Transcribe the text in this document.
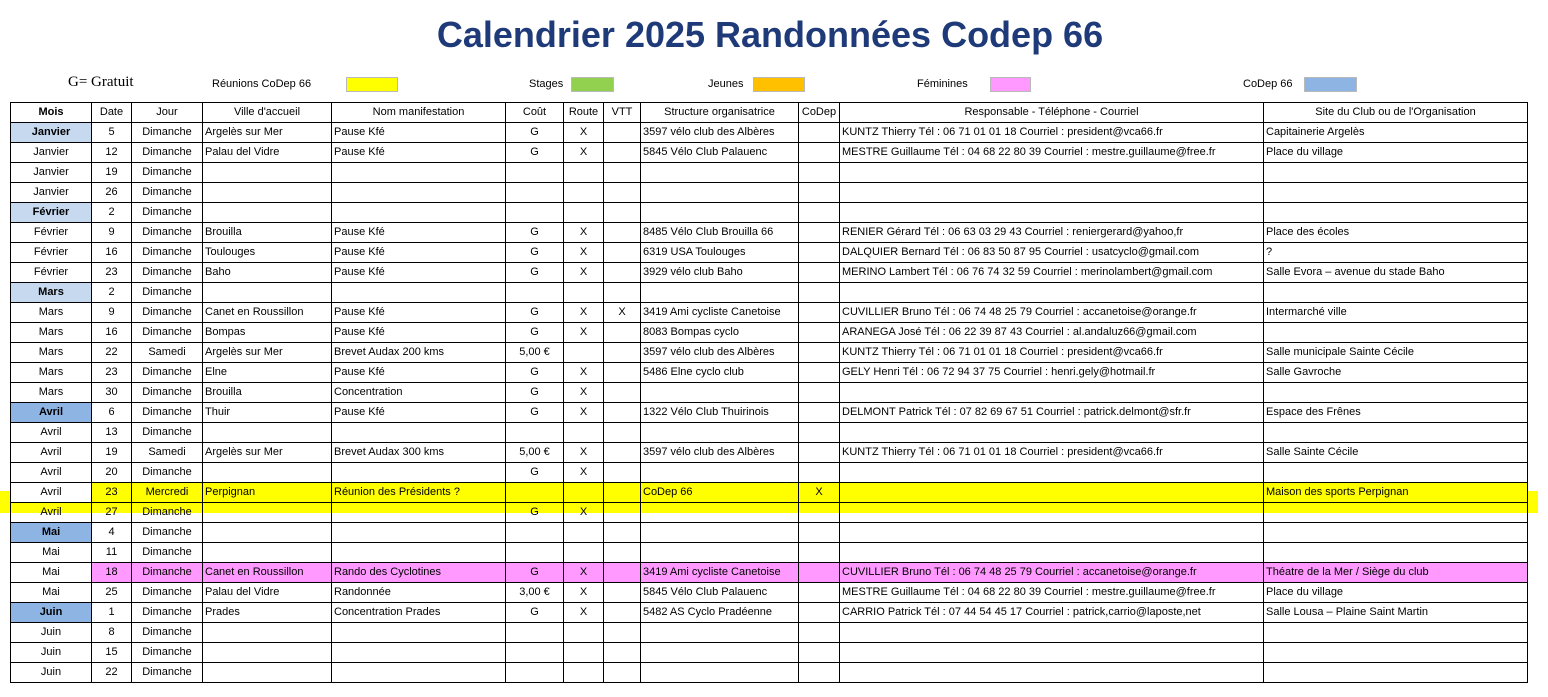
Calendrier 2025 Randonnées Codep 66
G= Gratuit	Réunions CoDep 66	Stages	Jeunes	Féminines	CoDep 66
Mois	Date	Jour	Ville d'accueil	Nom manifestation	Coût	Route	VTT	Structure organisatrice	CoDep	Responsable - Téléphone - Courriel	Site du Club ou de l'Organisation
Janvier	5	Dimanche	Argelès sur Mer	Pause Kfé	G	X		3597 vélo club des Albères		KUNTZ Thierry Tél : 06 71 01 01 18 Courriel : president@vca66.fr	Capitainerie Argelès
Janvier	12	Dimanche	Palau del Vidre	Pause Kfé	G	X		5845 Vélo Club Palauenc		MESTRE Guillaume Tél : 04 68 22 80 39 Courriel : mestre.guillaume@free.fr	Place du village
Janvier	19	Dimanche									
Janvier	26	Dimanche									
Février	2	Dimanche									
Février	9	Dimanche	Brouilla	Pause Kfé	G	X		8485 Vélo Club Brouilla 66		RENIER Gérard Tél : 06 63 03 29 43 Courriel : reniergerard@yahoo,fr	Place des écoles
Février	16	Dimanche	Toulouges	Pause Kfé	G	X		6319 USA Toulouges		DALQUIER Bernard Tél : 06 83 50 87 95 Courriel : usatcyclo@gmail.com	?
Février	23	Dimanche	Baho	Pause Kfé	G	X		3929 vélo club Baho		MERINO Lambert Tél : 06 76 74 32 59 Courriel : merinolambert@gmail.com	Salle Evora – avenue du stade Baho
Mars	2	Dimanche									
Mars	9	Dimanche	Canet en Roussillon	Pause Kfé	G	X	X	3419 Ami cycliste Canetoise		CUVILLIER Bruno Tél : 06 74 48 25 79 Courriel : accanetoise@orange.fr	Intermarché ville
Mars	16	Dimanche	Bompas	Pause Kfé	G	X		8083 Bompas cyclo		ARANEGA José Tél : 06 22 39 87 43 Courriel : al.andaluz66@gmail.com	
Mars	22	Samedi	Argelès sur Mer	Brevet Audax 200 kms	5,00 €			3597 vélo club des Albères		KUNTZ Thierry Tél : 06 71 01 01 18 Courriel : president@vca66.fr	Salle municipale Sainte Cécile
Mars	23	Dimanche	Elne	Pause Kfé	G	X		5486 Elne cyclo club		GELY Henri Tél : 06 72 94 37 75 Courriel : henri.gely@hotmail.fr	Salle Gavroche
Mars	30	Dimanche	Brouilla	Concentration	G	X					
Avril	6	Dimanche	Thuir	Pause Kfé	G	X		1322 Vélo Club Thuirinois		DELMONT Patrick Tél : 07 82 69 67 51 Courriel : patrick.delmont@sfr.fr	Espace des Frênes
Avril	13	Dimanche									
Avril	19	Samedi	Argelès sur Mer	Brevet Audax 300 kms	5,00 €	X		3597 vélo club des Albères		KUNTZ Thierry Tél : 06 71 01 01 18 Courriel : president@vca66.fr	Salle Sainte Cécile
Avril	20	Dimanche			G	X					
Avril	23	Mercredi	Perpignan	Réunion des Présidents ?				CoDep 66	X		Maison des sports Perpignan
Avril	27	Dimanche			G	X					
Mai	4	Dimanche									
Mai	11	Dimanche									
Mai	18	Dimanche	Canet en Roussillon	Rando des Cyclotines	G	X		3419 Ami cycliste Canetoise		CUVILLIER Bruno Tél : 06 74 48 25 79 Courriel : accanetoise@orange.fr	Théatre de la Mer / Siège du club
Mai	25	Dimanche	Palau del Vidre	Randonnée	3,00 €	X		5845 Vélo Club Palauenc		MESTRE Guillaume Tél : 04 68 22 80 39 Courriel : mestre.guillaume@free.fr	Place du village
Juin	1	Dimanche	Prades	Concentration Prades	G	X		5482 AS Cyclo Pradéenne		CARRIO Patrick Tél : 07 44 54 45 17 Courriel : patrick,carrio@laposte,net	Salle Lousa – Plaine Saint Martin
Juin	8	Dimanche									
Juin	15	Dimanche									
Juin	22	Dimanche									
